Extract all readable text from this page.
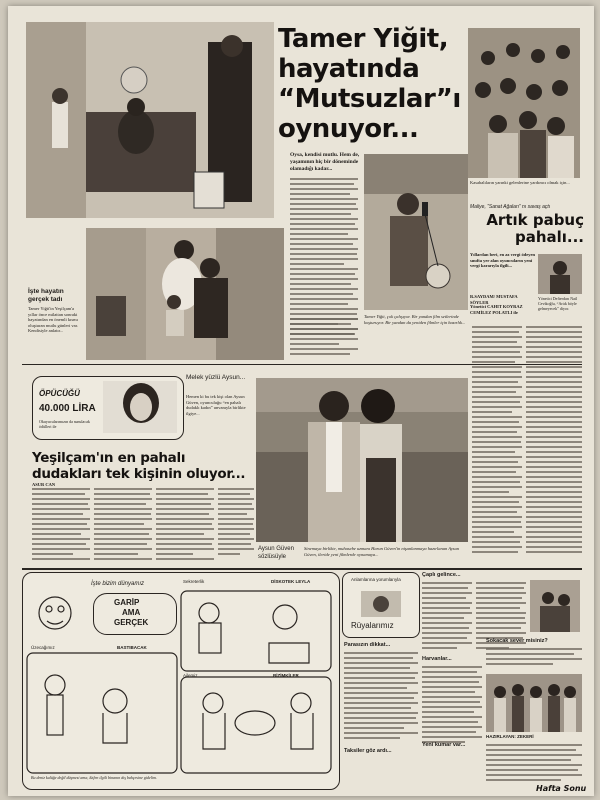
Tamer Yiğit,
hayatında
“Mutsuzlar”ı
oynuyor...
Oysa, kendisi mutlu. Hem de, yaşamının hiç bir döneminde olamadığı kadar...
İşte hayatın gerçek tadı
Tamer Yiğit'in Yeşilçam'a yıllar önce milattan sonraki hayatından en önemli kısmı oluşturan mutlu günleri var. Kendisiyle anlatır...
Tamer Yiğit, çok çalışıyor. Bir yandan film setlerinde koşturuyor. Bir yandan da yeniden filmler için hazırlık...
Kasabalıların yarınki gelenlerine yardımcı olmak için...
Maliye, “Sanat Ağaları” nı savaş açtı
Artık pabuç
pahalı...
Yıllardan beri, en az vergi ödeyen sınıfta yer alan oyuncuların yeni vergi kararıyla ilgili...
R.SAYDAM/ MUSTAFA SÖYLER
Yönetici CAHIT KOYRAZ CEMİLEZ POLATLI ile
Yönetici Defterdarı Nail Cevikoğlu, “Artık böyle gelmeyecek” diyor.
ÖPÜCÜĞÜ
40.000 LİRA
Okuyucularımızın da sunulacak ödülleri ile
Melek yüzlü Aysun...
Hemen ki bu tek kişi olan Aysun Güven, oyunculuğu “en pahalı dudaklı kadın” unvanıyla birlikte ilgiye...
Yeşilçam'ın en pahalı
dudakları tek kişinin oluyor...
ASUR CAN
Aysun Güven
sözlüsüyle
Sinemaya birlikte, muhasebe uzmanı Harun Güven'in nişanlanmaya hazırlanan Aysun Güven, ileride yeni filmlerde oynamaya...
İşte bizim dünyamız
GARİP
AMA
GERÇEK
Sekreterlik	DİSKOTEK LEYLA
Üzecağımız	BASTIBACAK
BİZİMKİLER
Ailemiz
Bu deniz kulüğe değil düşmesi ama, lütfen ilgili binanın dış bahçesine gidelim.
Anlamlarına yorumlarıyla
Rüyalarımız
Çaplı gelince...
Parasızın dikkat...
Harvanlar...
Sokacak sever misiniz?
HAZIRLAYAN: ZEKERİ
Yeni kumar var...
Taksiler göz ardı...
Hafta Sonu
